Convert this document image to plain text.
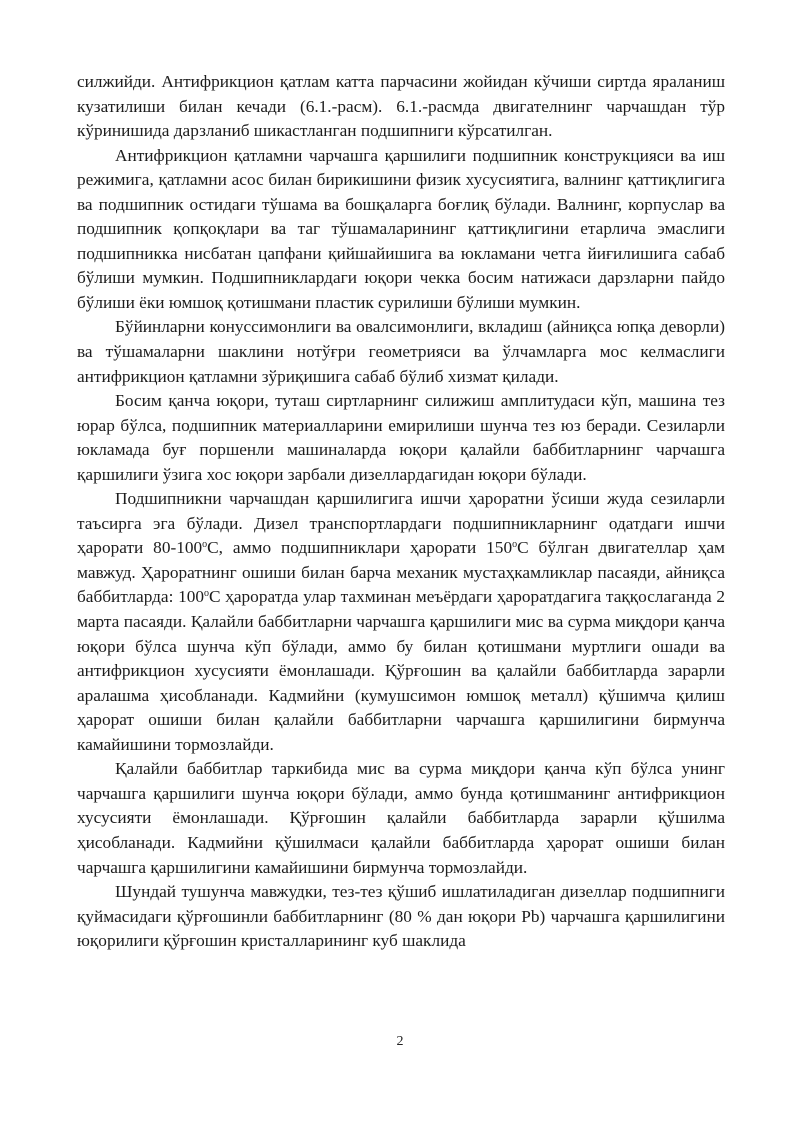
силжийди. Антифрикцион қатлам катта парчасини жойидан кўчиши сиртда яраланиш кузатилиши билан кечади (6.1.-расм). 6.1.-расмда двигателнинг чарчашдан тўр кўринишида дарзланиб шикастланган подшипниги кўрсатилган.

Антифрикцион қатламни чарчашга қаршилиги подшипник конструкцияси ва иш режимига, қатламни асос билан бирикишини физик хусусиятига, валнинг қаттиқлигига ва подшипник остидаги тўшама ва бошқаларга боғлиқ бўлади. Валнинг, корпуслар ва подшипник қопқоқлари ва таг тўшамаларининг қаттиқлигини етарлича эмаслиги подшипникка нисбатан цапфани қийшайишига ва юкламани четга йиғилишига сабаб бўлиши мумкин. Подшипниклардаги юқори чекка босим натижаси дарзларни пайдо бўлиши ёки юмшоқ қотишмани пластик сурилиши бўлиши мумкин.

Бўйинларни конуссимонлиги ва овалсимонлиги, вкладиш (айниқса юпқа деворли) ва тўшамаларни шаклини нотўғри геометрияси ва ўлчамларга мос келмаслиги антифрикцион қатламни зўриқишига сабаб бўлиб хизмат қилади.

Босим қанча юқори, туташ сиртларнинг силижиш амплитудаси кўп, машина тез юрар бўлса, подшипник материалларини емирилиши шунча тез юз беради. Сезиларли юкламада буғ поршенли машиналарда юқори қалайли баббитларнинг чарчашга қаршилиги ўзига хос юқори зарбали дизеллардагидан юқори бўлади.

Подшипникни чарчашдан қаршилигига ишчи ҳароратни ўсиши жуда сезиларли таъсирга эга бўлади. Дизел транспортлардаги подшипникларнинг одатдаги ишчи ҳарорати 80-100$^o$С, аммо подшипниклари ҳарорати 150$^o$С бўлган двигателлар ҳам мавжуд. Ҳароратнинг ошиши билан барча механик мустаҳкамликлар пасаяди, айниқса баббитларда: 100$^o$С ҳароратда улар тахминан меъёрдаги ҳароратдагига таққослаганда 2 марта пасаяди. Қалайли баббитларни чарчашга қаршилиги мис ва сурма миқдори қанча юқори бўлса шунча кўп бўлади, аммо бу билан қотишмани муртлиги ошади ва антифрикцион хусусияти ёмонлашади. Қўрғошин ва қалайли баббитларда зарарли аралашма ҳисобланади. Кадмийни (кумушсимон юмшоқ металл) қўшимча қилиш ҳарорат ошиши билан қалайли баббитларни чарчашга қаршилигини бирмунча камайишини тормозлайди.

Қалайли баббитлар таркибида мис ва сурма миқдори қанча кўп бўлса унинг чарчашга қаршилиги шунча юқори бўлади, аммо бунда қотишманинг антифрикцион хусусияти ёмонлашади. Қўрғошин қалайли баббитларда зарарли қўшилма ҳисобланади. Кадмийни қўшилмаси қалайли баббитларда ҳарорат ошиши билан чарчашга қаршилигини камайишини бирмунча тормозлайди.

Шундай тушунча мавжудки, тез-тез қўшиб ишлатиладиган дизеллар подшипниги қуймасидаги қўрғошинли баббитларнинг (80 % дан юқори Pb) чарчашга қаршилигини юқорилиги қўрғошин кристалларининг куб шаклида

2
